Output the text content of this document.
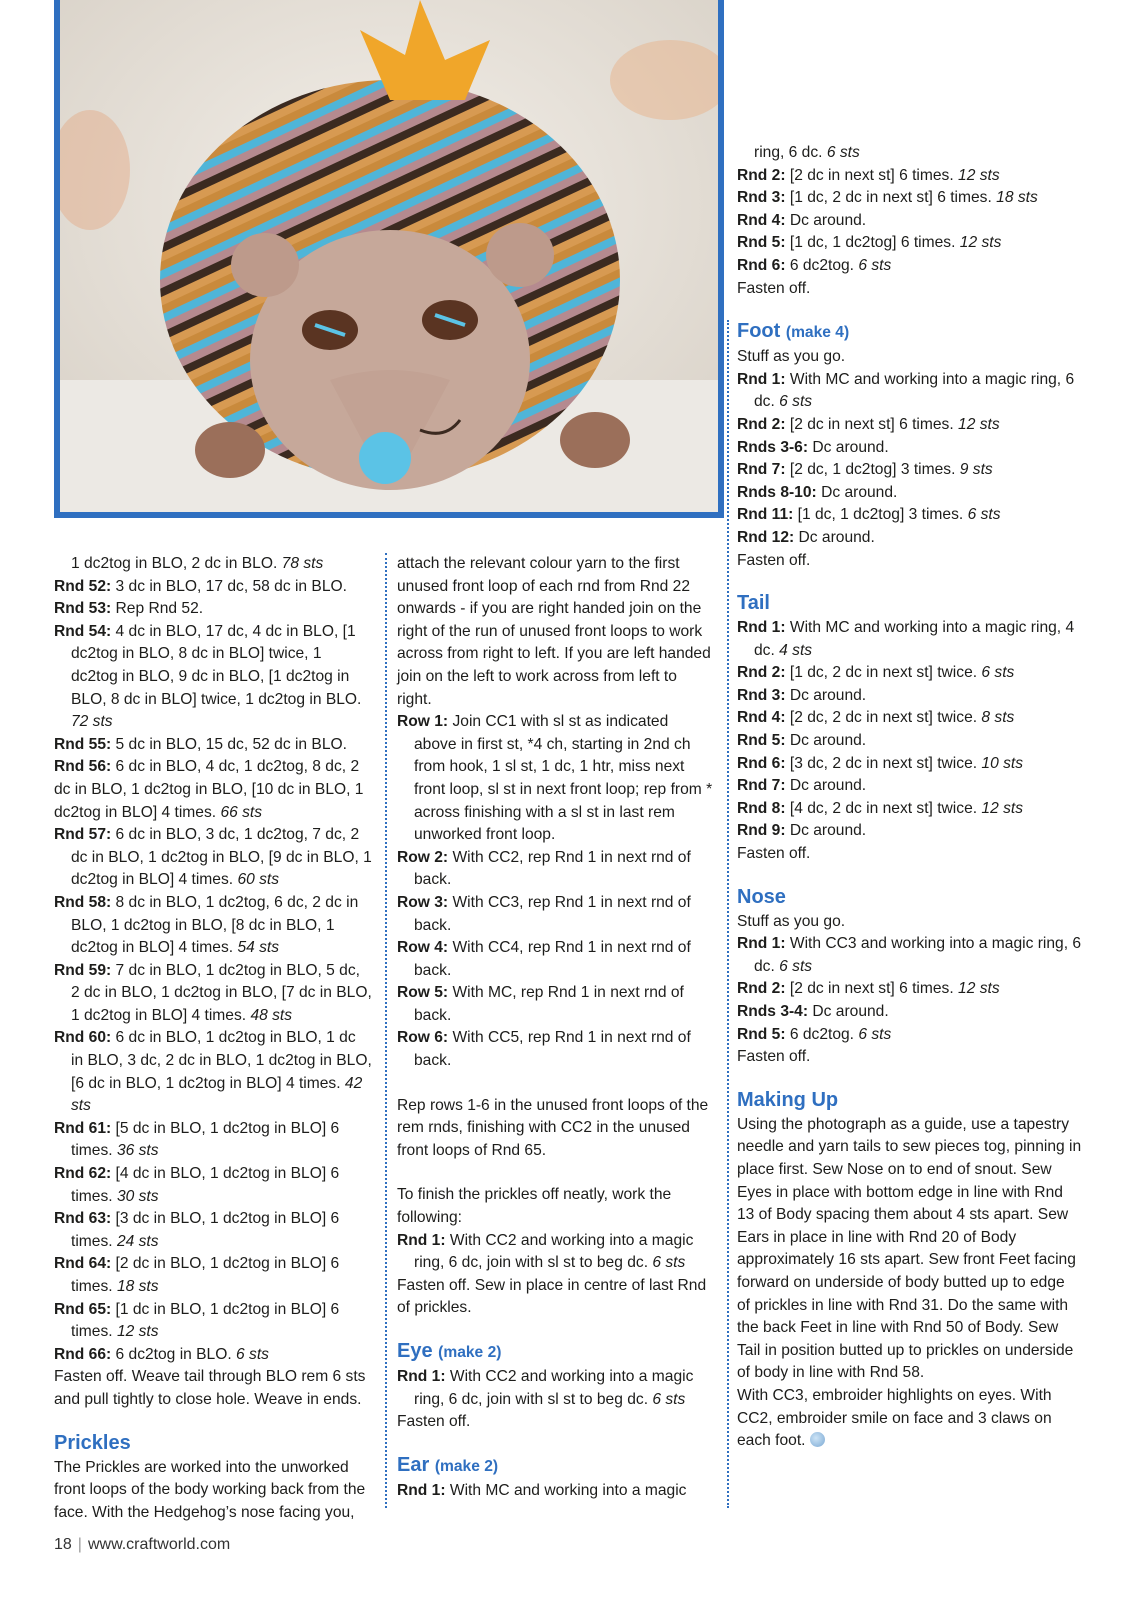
1 dc2tog in BLO, 2 dc in BLO. 78 sts

Rnd 52: 3 dc in BLO, 17 dc, 58 dc in BLO.

Rnd 53: Rep Rnd 52.

Rnd 54: 4 dc in BLO, 17 dc, 4 dc in BLO, [1 dc2tog in BLO, 8 dc in BLO] twice, 1 dc2tog in BLO, 9 dc in BLO, [1 dc2tog in BLO, 8 dc in BLO] twice, 1 dc2tog in BLO. 72 sts

Rnd 55: 5 dc in BLO, 15 dc, 52 dc in BLO.

Rnd 56: 6 dc in BLO, 4 dc, 1 dc2tog, 8 dc, 2 dc in BLO, 1 dc2tog in BLO, [10 dc in BLO, 1 dc2tog in BLO] 4 times. 66 sts

Rnd 57: 6 dc in BLO, 3 dc, 1 dc2tog, 7 dc, 2 dc in BLO, 1 dc2tog in BLO, [9 dc in BLO, 1 dc2tog in BLO] 4 times. 60 sts

Rnd 58: 8 dc in BLO, 1 dc2tog, 6 dc, 2 dc in BLO, 1 dc2tog in BLO, [8 dc in BLO, 1 dc2tog in BLO] 4 times. 54 sts

Rnd 59: 7 dc in BLO, 1 dc2tog in BLO, 5 dc, 2 dc in BLO, 1 dc2tog in BLO, [7 dc in BLO, 1 dc2tog in BLO] 4 times. 48 sts

Rnd 60: 6 dc in BLO, 1 dc2tog in BLO, 1 dc in BLO, 3 dc, 2 dc in BLO, 1 dc2tog in BLO, [6 dc in BLO, 1 dc2tog in BLO] 4 times. 42 sts

Rnd 61: [5 dc in BLO, 1 dc2tog in BLO] 6 times. 36 sts

Rnd 62: [4 dc in BLO, 1 dc2tog in BLO] 6 times. 30 sts

Rnd 63: [3 dc in BLO, 1 dc2tog in BLO] 6 times. 24 sts

Rnd 64: [2 dc in BLO, 1 dc2tog in BLO] 6 times. 18 sts

Rnd 65: [1 dc in BLO, 1 dc2tog in BLO] 6 times. 12 sts

Rnd 66: 6 dc2tog in BLO. 6 sts

Fasten off. Weave tail through BLO rem 6 sts and pull tightly to close hole. Weave in ends.

Prickles

The Prickles are worked into the unworked front loops of the body working back from the face. With the Hedgehog’s nose facing you,

attach the relevant colour yarn to the first unused front loop of each rnd from Rnd 22 onwards - if you are right handed join on the right of the run of unused front loops to work across from right to left. If you are left handed join on the left to work across from left to right.

Row 1: Join CC1 with sl st as indicated above in first st, *4 ch, starting in 2nd ch from hook, 1 sl st, 1 dc, 1 htr, miss next front loop, sl st in next front loop; rep from * across finishing with a sl st in last rem unworked front loop.

Row 2: With CC2, rep Rnd 1 in next rnd of back.

Row 3: With CC3, rep Rnd 1 in next rnd of back.

Row 4: With CC4, rep Rnd 1 in next rnd of back.

Row 5: With MC, rep Rnd 1 in next rnd of back.

Row 6: With CC5, rep Rnd 1 in next rnd of back.

Rep rows 1-6 in the unused front loops of the rem rnds, finishing with CC2 in the unused front loops of Rnd 65.

To finish the prickles off neatly, work the following:

Rnd 1: With CC2 and working into a magic ring, 6 dc, join with sl st to beg dc. 6 sts

Fasten off. Sew in place in centre of last Rnd of prickles.

Eye (make 2)

Rnd 1: With CC2 and working into a magic ring, 6 dc, join with sl st to beg dc. 6 sts

Fasten off.

Ear (make 2)

Rnd 1: With MC and working into a magic

ring, 6 dc. 6 sts

Rnd 2: [2 dc in next st] 6 times. 12 sts

Rnd 3: [1 dc, 2 dc in next st] 6 times. 18 sts

Rnd 4: Dc around.

Rnd 5: [1 dc, 1 dc2tog] 6 times. 12 sts

Rnd 6: 6 dc2tog. 6 sts

Fasten off.

Foot (make 4)

Stuff as you go.

Rnd 1: With MC and working into a magic ring, 6 dc. 6 sts

Rnd 2: [2 dc in next st] 6 times. 12 sts

Rnds 3-6: Dc around.

Rnd 7: [2 dc, 1 dc2tog] 3 times. 9 sts

Rnds 8-10: Dc around.

Rnd 11: [1 dc, 1 dc2tog] 3 times. 6 sts

Rnd 12: Dc around.

Fasten off.

Tail

Rnd 1: With MC and working into a magic ring, 4 dc. 4 sts

Rnd 2: [1 dc, 2 dc in next st] twice. 6 sts

Rnd 3: Dc around.

Rnd 4: [2 dc, 2 dc in next st] twice. 8 sts

Rnd 5: Dc around.

Rnd 6: [3 dc, 2 dc in next st] twice. 10 sts

Rnd 7: Dc around.

Rnd 8: [4 dc, 2 dc in next st] twice. 12 sts

Rnd 9: Dc around.

Fasten off.

Nose

Stuff as you go.

Rnd 1: With CC3 and working into a magic ring, 6 dc. 6 sts

Rnd 2: [2 dc in next st] 6 times. 12 sts

Rnds 3-4: Dc around.

Rnd 5: 6 dc2tog. 6 sts

Fasten off.

Making Up

Using the photograph as a guide, use a tapestry needle and yarn tails to sew pieces tog, pinning in place first. Sew Nose on to end of snout. Sew Eyes in place with bottom edge in line with Rnd 13 of Body spacing them about 4 sts apart. Sew Ears in place in line with Rnd 20 of Body approximately 16 sts apart. Sew front Feet facing forward on underside of body butted up to edge of prickles in line with Rnd 31. Do the same with the back Feet in line with Rnd 50 of Body. Sew Tail in position butted up to prickles on underside of body in line with Rnd 58.

With CC3, embroider highlights on eyes. With CC2, embroider smile on face and 3 claws on each foot.

18 | www.craftworld.com
